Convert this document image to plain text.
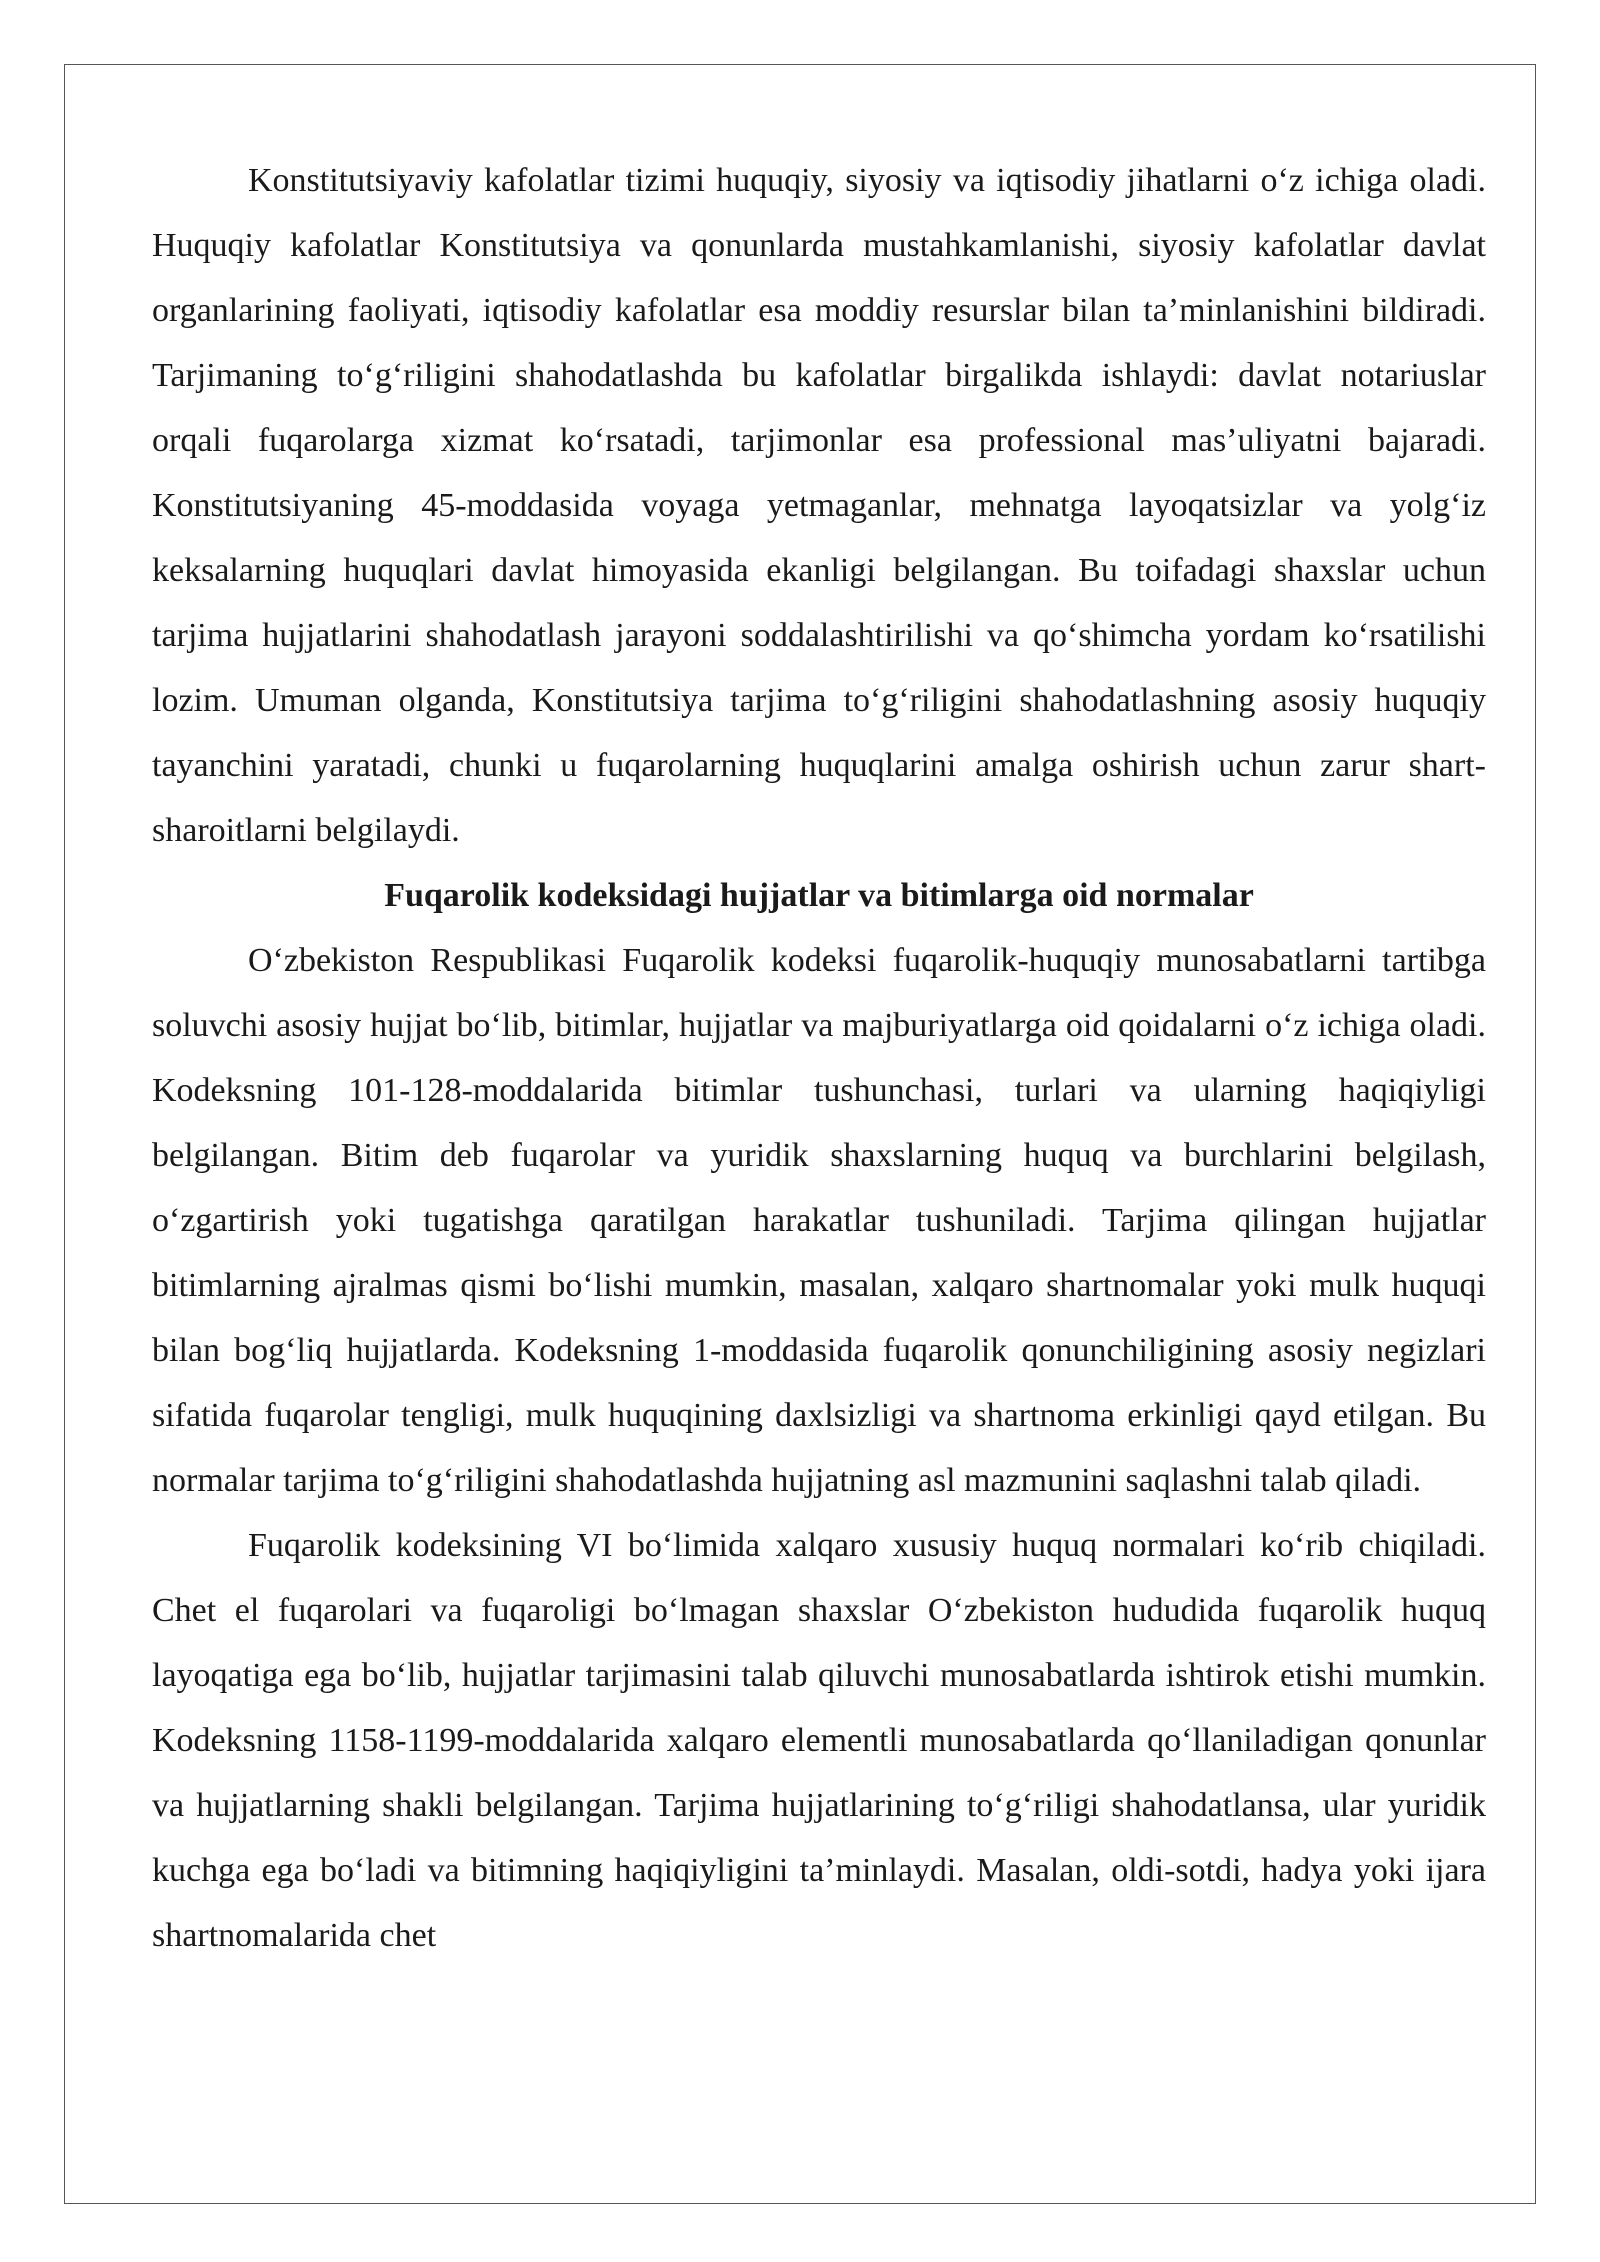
Konstitutsiyaviy kafolatlar tizimi huquqiy, siyosiy va iqtisodiy jihatlarni o‘z ichiga oladi. Huquqiy kafolatlar Konstitutsiya va qonunlarda mustahkamlanishi, siyosiy kafolatlar davlat organlarining faoliyati, iqtisodiy kafolatlar esa moddiy resurslar bilan ta’minlanishini bildiradi. Tarjimaning to‘g‘riligini shahodatlashda bu kafolatlar birgalikda ishlaydi: davlat notariuslar orqali fuqarolarga xizmat ko‘rsatadi, tarjimonlar esa professional mas’uliyatni bajaradi. Konstitutsiyaning 45-moddasida voyaga yetmaganlar, mehnatga layoqatsizlar va yolg‘iz keksalarning huquqlari davlat himoyasida ekanligi belgilangan. Bu toifadagi shaxslar uchun tarjima hujjatlarini shahodatlash jarayoni soddalashtirilishi va qo‘shimcha yordam ko‘rsatilishi lozim. Umuman olganda, Konstitutsiya tarjima to‘g‘riligini shahodatlashning asosiy huquqiy tayanchini yaratadi, chunki u fuqarolarning huquqlarini amalga oshirish uchun zarur shart-sharoitlarni belgilaydi.

Fuqarolik kodeksidagi hujjatlar va bitimlarga oid normalar

O‘zbekiston Respublikasi Fuqarolik kodeksi fuqarolik-huquqiy munosabatlarni tartibga soluvchi asosiy hujjat bo‘lib, bitimlar, hujjatlar va majburiyatlarga oid qoidalarni o‘z ichiga oladi. Kodeksning 101-128-moddalarida bitimlar tushunchasi, turlari va ularning haqiqiyligi belgilangan. Bitim deb fuqarolar va yuridik shaxslarning huquq va burchlarini belgilash, o‘zgartirish yoki tugatishga qaratilgan harakatlar tushuniladi. Tarjima qilingan hujjatlar bitimlarning ajralmas qismi bo‘lishi mumkin, masalan, xalqaro shartnomalar yoki mulk huquqi bilan bog‘liq hujjatlarda. Kodeksning 1-moddasida fuqarolik qonunchiligining asosiy negizlari sifatida fuqarolar tengligi, mulk huquqining daxlsizligi va shartnoma erkinligi qayd etilgan. Bu normalar tarjima to‘g‘riligini shahodatlashda hujjatning asl mazmunini saqlashni talab qiladi.

Fuqarolik kodeksining VI bo‘limida xalqaro xususiy huquq normalari ko‘rib chiqiladi. Chet el fuqarolari va fuqaroligi bo‘lmagan shaxslar O‘zbekiston hududida fuqarolik huquq layoqatiga ega bo‘lib, hujjatlar tarjimasini talab qiluvchi munosabatlarda ishtirok etishi mumkin. Kodeksning 1158-1199-moddalarida xalqaro elementli munosabatlarda qo‘llaniladigan qonunlar va hujjatlarning shakli belgilangan. Tarjima hujjatlarining to‘g‘riligi shahodatlansa, ular yuridik kuchga ega bo‘ladi va bitimning haqiqiyligini ta’minlaydi. Masalan, oldi-sotdi, hadya yoki ijara shartnomalarida chet
